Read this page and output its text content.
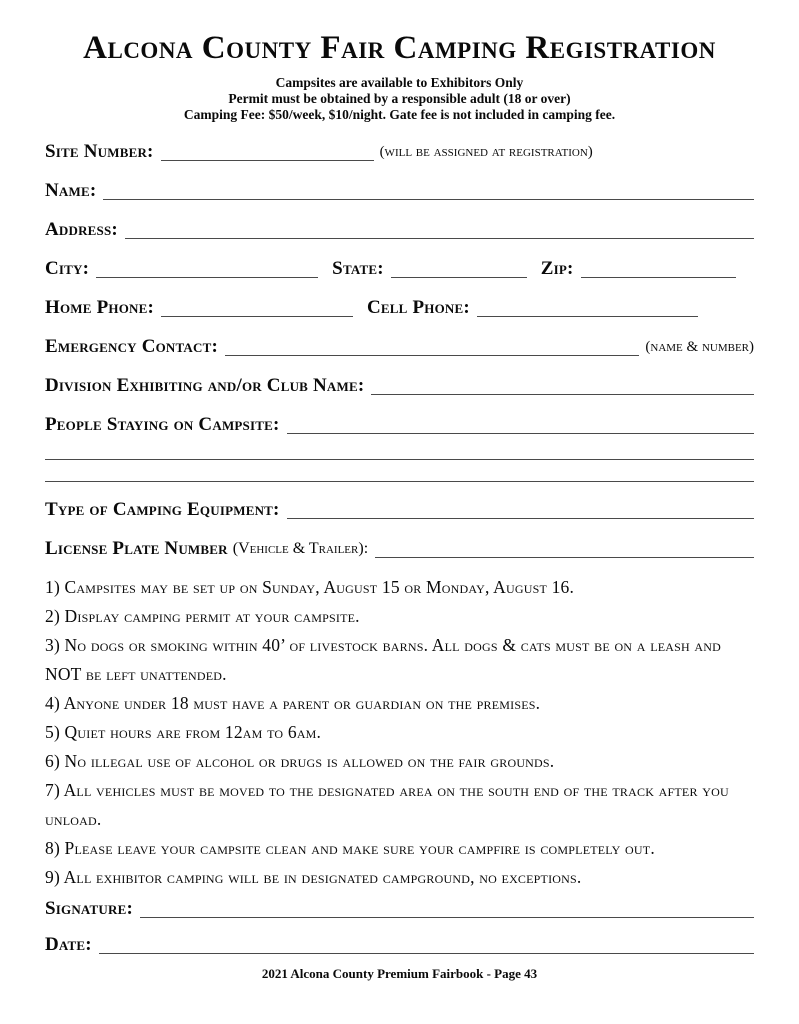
Alcona County Fair Camping Registration

Campsites are available to Exhibitors Only

Permit must be obtained by a responsible adult (18 or over)

Camping Fee: $50/week, $10/night. Gate fee is not included in camping fee.

Site Number:	(will be assigned at registration)
Name:
Address:
City:	State:	Zip:
Home Phone:	Cell Phone:
Emergency Contact:	(name & number)
Division Exhibiting and/or Club Name:
People Staying on Campsite:
Type of Camping Equipment:
License Plate Number (Vehicle & Trailer):
1) Campsites may be set up on Sunday, August 15 or Monday, August 16.
2) Display camping permit at your campsite.
3) No dogs or smoking within 40’ of livestock barns. All dogs & cats must be on a leash and NOT be left unattended.
4) Anyone under 18 must have a parent or guardian on the premises.
5) Quiet hours are from 12am to 6am.
6) No illegal use of alcohol or drugs is allowed on the fair grounds.
7) All vehicles must be moved to the designated area on the south end of the track after you unload.
8) Please leave your campsite clean and make sure your campfire is completely out.
9) All exhibitor camping will be in designated campground, no exceptions.
Signature:
Date:

2021 Alcona County Premium Fairbook - Page 43
